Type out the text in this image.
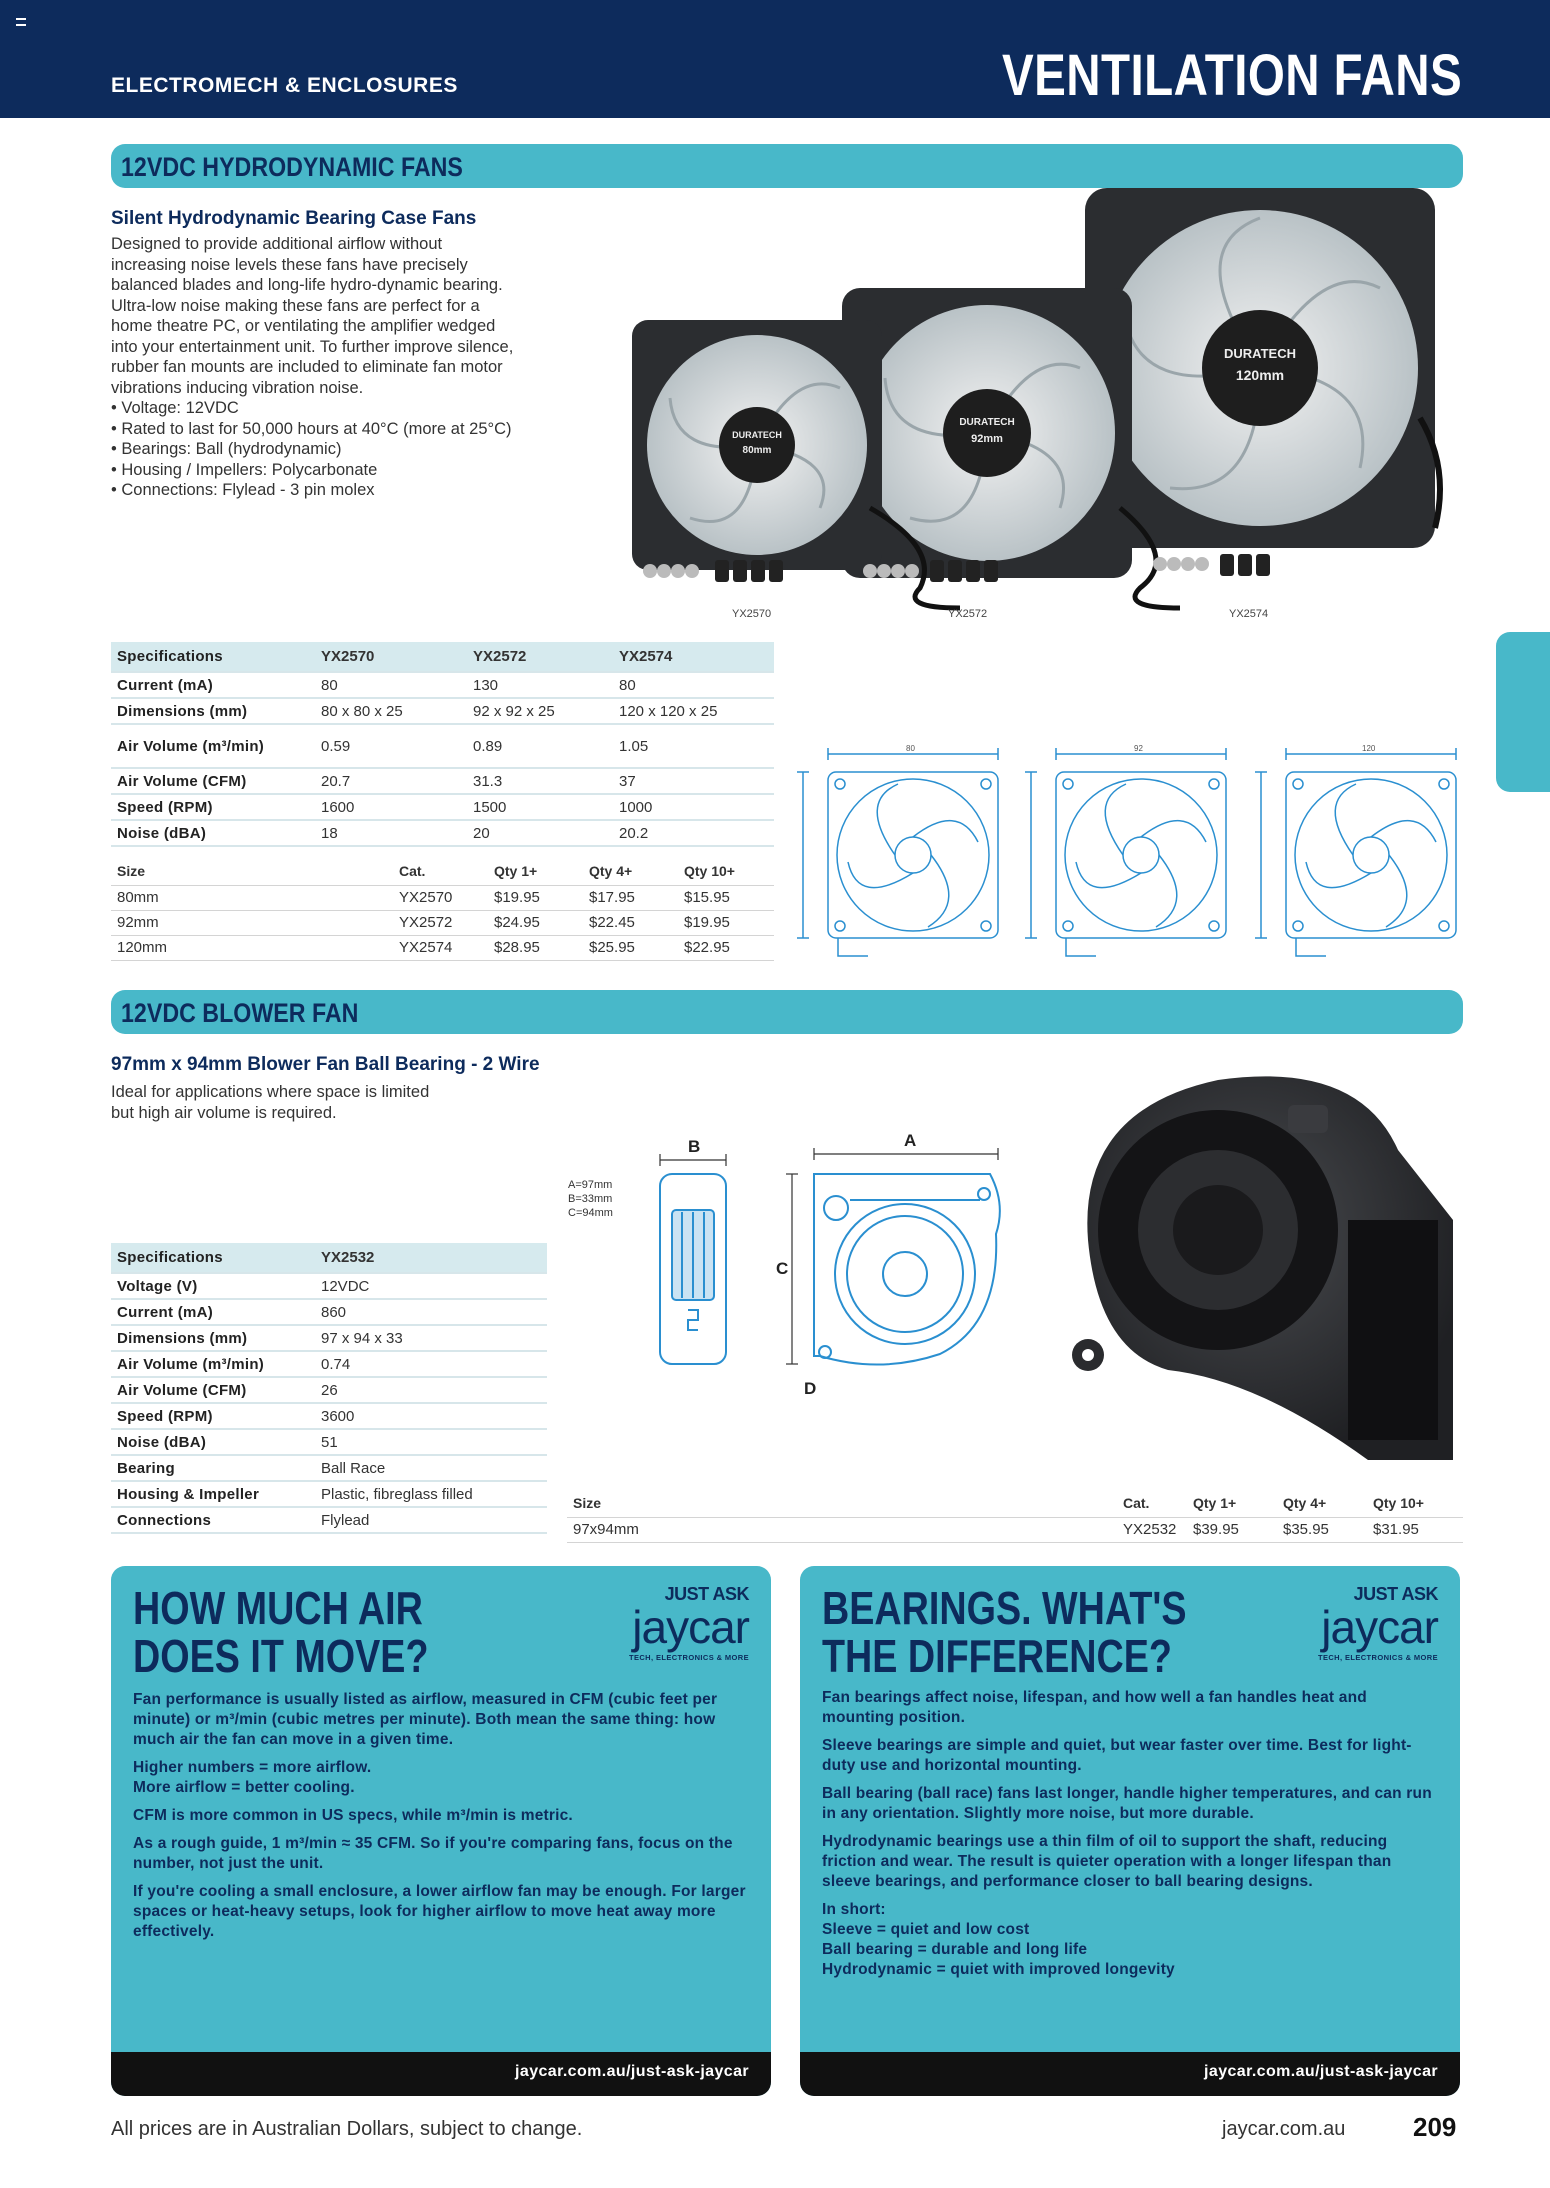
ELECTROMECH & ENCLOSURES	VENTILATION FANS
12VDC HYDRODYNAMIC FANS
Silent Hydrodynamic Bearing Case Fans
Designed to provide additional airflow without
increasing noise levels these fans have precisely
balanced blades and long-life hydro-dynamic bearing.
Ultra-low noise making these fans are perfect for a
home theatre PC, or ventilating the amplifier wedged
into your entertainment unit. To further improve silence,
rubber fan mounts are included to eliminate fan motor
vibrations inducing vibration noise.
• Voltage: 12VDC
• Rated to last for 50,000 hours at 40°C (more at 25°C)
• Bearings: Ball (hydrodynamic)
• Housing / Impellers: Polycarbonate
• Connections: Flylead - 3 pin molex
DURATECH
120mm
DURATECH
92mm
DURATECH
80mm
YX2570	YX2572	YX2574
Specifications	YX2570	YX2572	YX2574
Current (mA)	80	130	80
Dimensions (mm)	80 x 80 x 25	92 x 92 x 25	120 x 120 x 25
Air Volume (m³/min)	0.59	0.89	1.05
Air Volume (CFM)	20.7	31.3	37
Speed (RPM)	1600	1500	1000
Noise (dBA)	18	20	20.2
Size	Cat.	Qty 1+	Qty 4+	Qty 10+
80mm	YX2570	$19.95	$17.95	$15.95
92mm	YX2572	$24.95	$22.45	$19.95
120mm	YX2574	$28.95	$25.95	$22.95
80	92	120
12VDC BLOWER FAN
97mm x 94mm Blower Fan Ball Bearing - 2 Wire
Ideal for applications where space is limited
but high air volume is required.
A=97mm
B=33mm
C=94mm
B	A
C
D
Specifications	YX2532
Voltage (V)	12VDC
Current (mA)	860
Dimensions (mm)	97 x 94 x 33
Air Volume (m³/min)	0.74
Air Volume (CFM)	26
Speed (RPM)	3600
Noise (dBA)	51
Bearing	Ball Race
Housing & Impeller	Plastic, fibreglass filled
Connections	Flylead
Size	Cat.	Qty 1+	Qty 4+	Qty 10+
97x94mm	YX2532	$39.95	$35.95	$31.95
HOW MUCH AIR
DOES IT MOVE?
JUST ASK
jaycar
TECH, ELECTRONICS & MORE

Fan performance is usually listed as airflow, measured in CFM (cubic feet per minute) or m³/min (cubic metres per minute). Both mean the same thing: how much air the fan can move in a given time.

Higher numbers = more airflow.
More airflow = better cooling.

CFM is more common in US specs, while m³/min is metric.

As a rough guide, 1 m³/min ≈ 35 CFM. So if you're comparing fans, focus on the number, not just the unit.

If you're cooling a small enclosure, a lower airflow fan may be enough. For larger spaces or heat-heavy setups, look for higher airflow to move heat away more effectively.

jaycar.com.au/just-ask-jaycar
BEARINGS. WHAT'S
THE DIFFERENCE?
JUST ASK
jaycar
TECH, ELECTRONICS & MORE

Fan bearings affect noise, lifespan, and how well a fan handles heat and mounting position.

Sleeve bearings are simple and quiet, but wear faster over time. Best for light-duty use and horizontal mounting.

Ball bearing (ball race) fans last longer, handle higher temperatures, and can run in any orientation. Slightly more noise, but more durable.

Hydrodynamic bearings use a thin film of oil to support the shaft, reducing friction and wear. The result is quieter operation with a longer lifespan than sleeve bearings, and performance closer to ball bearing designs.

In short:
Sleeve = quiet and low cost
Ball bearing = durable and long life
Hydrodynamic = quiet with improved longevity

jaycar.com.au/just-ask-jaycar
All prices are in Australian Dollars, subject to change.	jaycar.com.au	209
